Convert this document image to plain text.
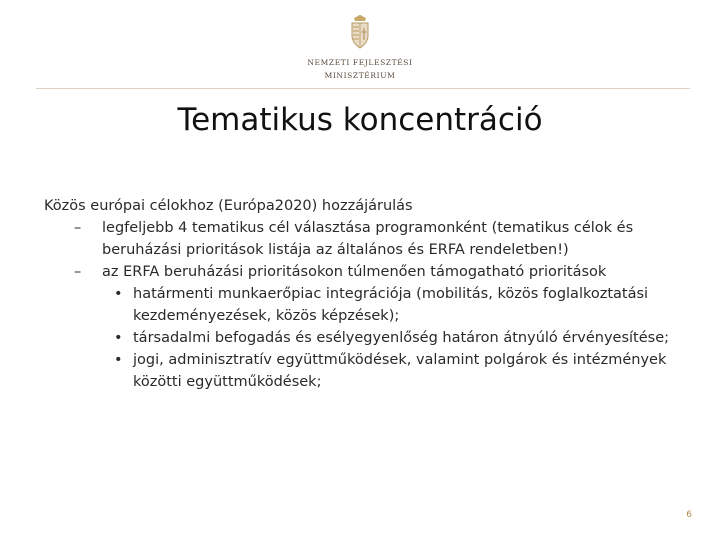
NEMZETI FEJLESZTÉSI
MINISZTÉRIUM
Tematikus koncentráció

Közös európai célokhoz (Európa2020) hozzájárulás

– legfeljebb 4 tematikus cél választása programonként (tematikus célok és beruházási prioritások listája az általános és ERFA rendeletben!)

– az ERFA beruházási prioritásokon túlmenően támogatható prioritások

• határmenti munkaerőpiac integrációja (mobilitás, közös foglalkoztatási kezdeményezések, közös képzések);

• társadalmi befogadás és esélyegyenlőség határon átnyúló érvényesítése;

• jogi, adminisztratív együttműködések, valamint polgárok és intézmények közötti együttműködések;

6
